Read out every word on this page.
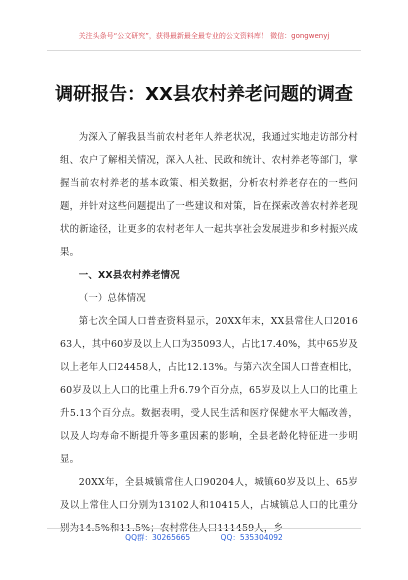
关注头条号“公文研究”，获得最新最全最专业的公文资料库！ 微信：gongwenyj
调研报告：XX县农村养老问题的调查

为深入了解我县当前农村老年人养老状况，我通过实地走访部分村组、农户了解相关情况，深入人社、民政和统计、农村养老等部门，掌握当前农村养老的基本政策、相关数据，分析农村养老存在的一些问题，并针对这些问题提出了一些建议和对策，旨在探索改善农村养老现状的新途径，让更多的农村老年人一起共享社会发展进步和乡村振兴成果。

一、XX县农村养老情况

（一）总体情况

第七次全国人口普查资料显示，20XX年末，XX县常住人口201663人，其中60岁及以上人口为35093人，占比17.40%，其中65岁及以上老年人口24458人，占比12.13%。与第六次全国人口普查相比，60岁及以上人口的比重上升6.79个百分点，65岁及以上人口的比重上升5.13个百分点。数据表明，受人民生活和医疗保健水平大幅改善，以及人均寿命不断提升等多重因素的影响，全县老龄化特征进一步明显。

20XX年，全县城镇常住人口90204人，城镇60岁及以上、65岁及以上常住人口分别为13102人和10415人，占城镇总人口的比重分别为14.5%和11.5%；农村常住人口111459人，乡

QQ群：30265665	QQ：535304092
